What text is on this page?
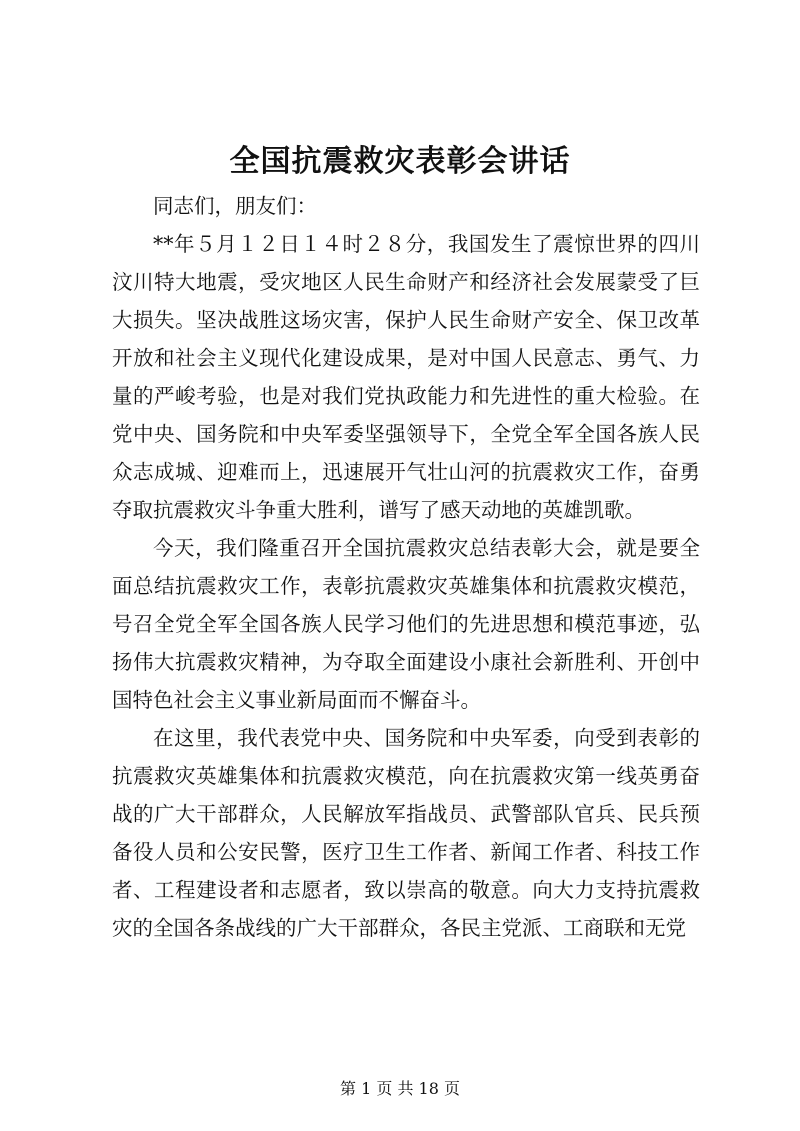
全国抗震救灾表彰会讲话

同志们，朋友们：

**年５月１２日１４时２８分，我国发生了震惊世界的四川汶川特大地震，受灾地区人民生命财产和经济社会发展蒙受了巨大损失。坚决战胜这场灾害，保护人民生命财产安全、保卫改革开放和社会主义现代化建设成果，是对中国人民意志、勇气、力量的严峻考验，也是对我们党执政能力和先进性的重大检验。在党中央、国务院和中央军委坚强领导下，全党全军全国各族人民众志成城、迎难而上，迅速展开气壮山河的抗震救灾工作，奋勇夺取抗震救灾斗争重大胜利，谱写了感天动地的英雄凯歌。

今天，我们隆重召开全国抗震救灾总结表彰大会，就是要全面总结抗震救灾工作，表彰抗震救灾英雄集体和抗震救灾模范，号召全党全军全国各族人民学习他们的先进思想和模范事迹，弘扬伟大抗震救灾精神，为夺取全面建设小康社会新胜利、开创中国特色社会主义事业新局面而不懈奋斗。

在这里，我代表党中央、国务院和中央军委，向受到表彰的抗震救灾英雄集体和抗震救灾模范，向在抗震救灾第一线英勇奋战的广大干部群众，人民解放军指战员、武警部队官兵、民兵预备役人员和公安民警，医疗卫生工作者、新闻工作者、科技工作者、工程建设者和志愿者，致以崇高的敬意。向大力支持抗震救灾的全国各条战线的广大干部群众，各民主党派、工商联和无党

第 1 页 共 18 页
